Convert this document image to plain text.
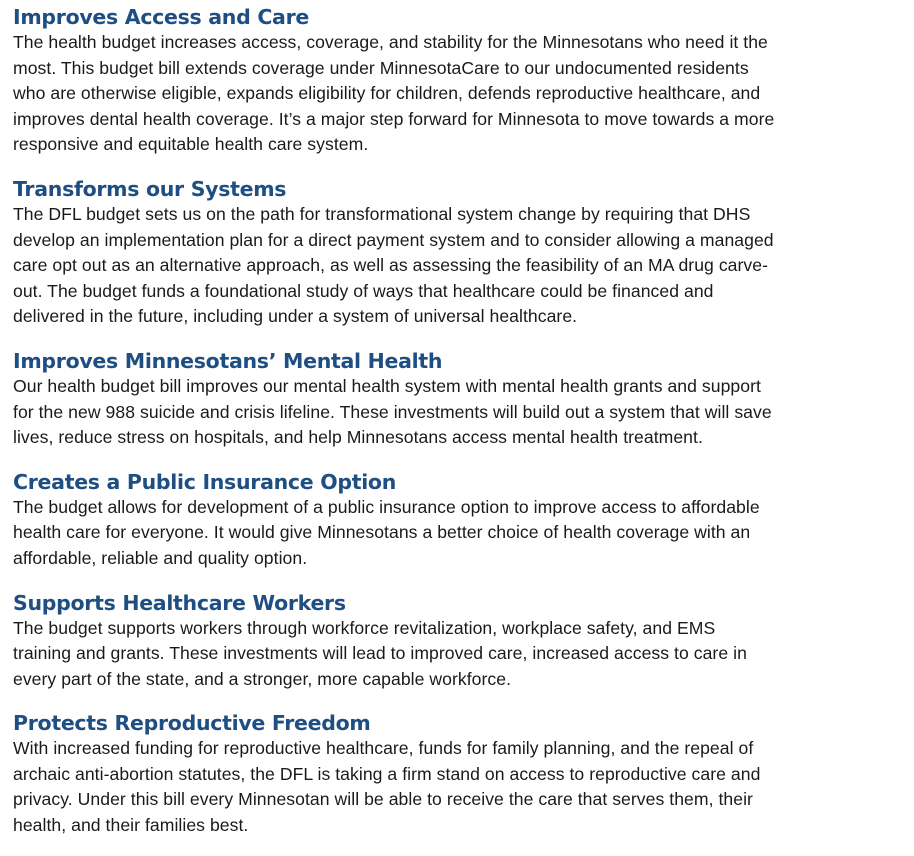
Improves Access and Care

The health budget increases access, coverage, and stability for the Minnesotans who need it the
most. This budget bill extends coverage under MinnesotaCare to our undocumented residents
who are otherwise eligible, expands eligibility for children, defends reproductive healthcare, and
improves dental health coverage. It’s a major step forward for Minnesota to move towards a more
responsive and equitable health care system.

Transforms our Systems

The DFL budget sets us on the path for transformational system change by requiring that DHS
develop an implementation plan for a direct payment system and to consider allowing a managed
care opt out as an alternative approach, as well as assessing the feasibility of an MA drug carve-
out. The budget funds a foundational study of ways that healthcare could be financed and
delivered in the future, including under a system of universal healthcare.

Improves Minnesotans’ Mental Health

Our health budget bill improves our mental health system with mental health grants and support
for the new 988 suicide and crisis lifeline. These investments will build out a system that will save
lives, reduce stress on hospitals, and help Minnesotans access mental health treatment.

Creates a Public Insurance Option

The budget allows for development of a public insurance option to improve access to affordable
health care for everyone. It would give Minnesotans a better choice of health coverage with an
affordable, reliable and quality option.

Supports Healthcare Workers

The budget supports workers through workforce revitalization, workplace safety, and EMS
training and grants. These investments will lead to improved care, increased access to care in
every part of the state, and a stronger, more capable workforce.

Protects Reproductive Freedom

With increased funding for reproductive healthcare, funds for family planning, and the repeal of
archaic anti-abortion statutes, the DFL is taking a firm stand on access to reproductive care and
privacy. Under this bill every Minnesotan will be able to receive the care that serves them, their
health, and their families best.
